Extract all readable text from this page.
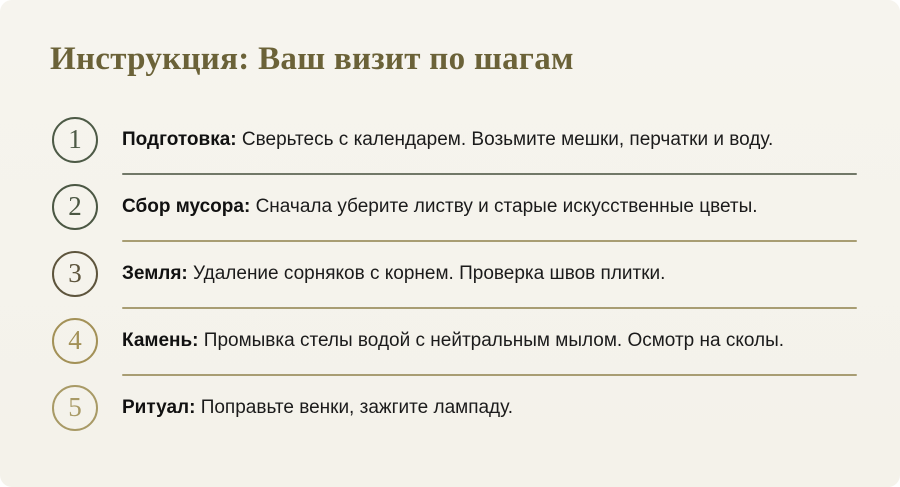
Инструкция: Ваш визит по шагам
1 Подготовка: Сверьтесь с календарем. Возьмите мешки, перчатки и воду.
2 Сбор мусора: Сначала уберите листву и старые искусственные цветы.
3 Земля: Удаление сорняков с корнем. Проверка швов плитки.
4 Камень: Промывка стелы водой с нейтральным мылом. Осмотр на сколы.
5 Ритуал: Поправьте венки, зажгите лампаду.
